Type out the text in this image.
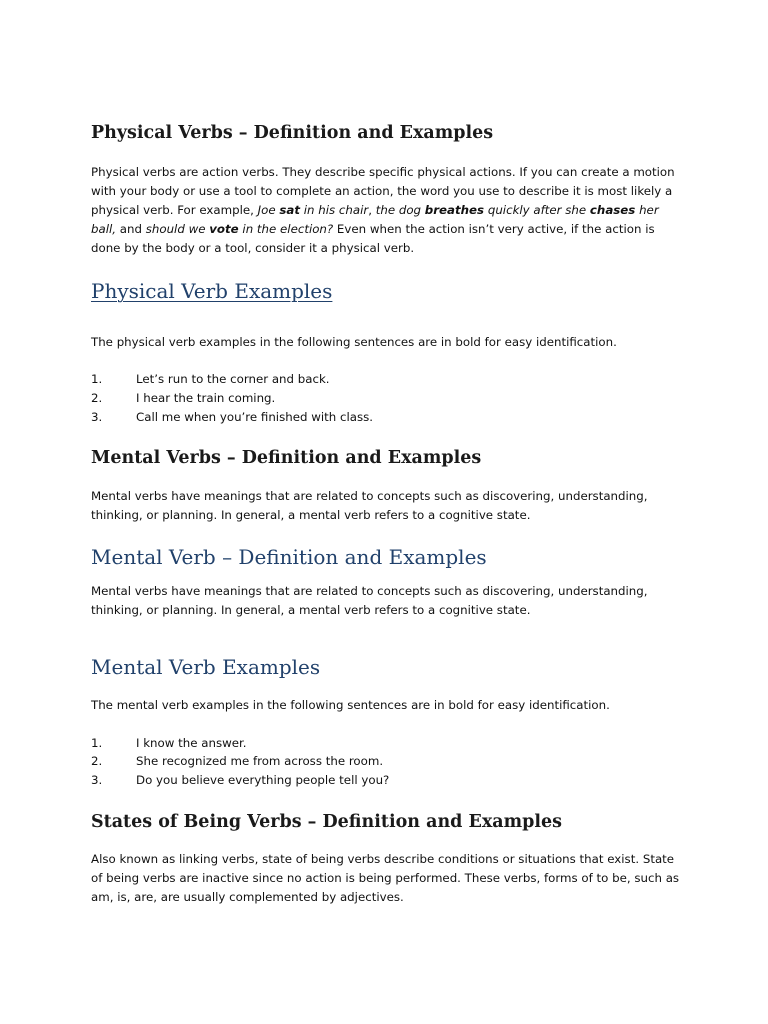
Physical Verbs – Definition and Examples
Physical verbs are action verbs. They describe specific physical actions. If you can create a motion with your body or use a tool to complete an action, the word you use to describe it is most likely a physical verb. For example, Joe sat in his chair, the dog breathes quickly after she chases her ball, and should we vote in the election? Even when the action isn’t very active, if the action is done by the body or a tool, consider it a physical verb.
Physical Verb Examples
The physical verb examples in the following sentences are in bold for easy identification.
1.	Let’s run to the corner and back.
2.	I hear the train coming.
3.	Call me when you’re finished with class.
Mental Verbs – Definition and Examples
Mental verbs have meanings that are related to concepts such as discovering, understanding, thinking, or planning. In general, a mental verb refers to a cognitive state.
Mental Verb – Definition and Examples
Mental verbs have meanings that are related to concepts such as discovering, understanding, thinking, or planning. In general, a mental verb refers to a cognitive state.
Mental Verb Examples
The mental verb examples in the following sentences are in bold for easy identification.
1.	I know the answer.
2.	She recognized me from across the room.
3.	Do you believe everything people tell you?
States of Being Verbs – Definition and Examples
Also known as linking verbs, state of being verbs describe conditions or situations that exist. State of being verbs are inactive since no action is being performed. These verbs, forms of to be, such as am, is, are, are usually complemented by adjectives.
